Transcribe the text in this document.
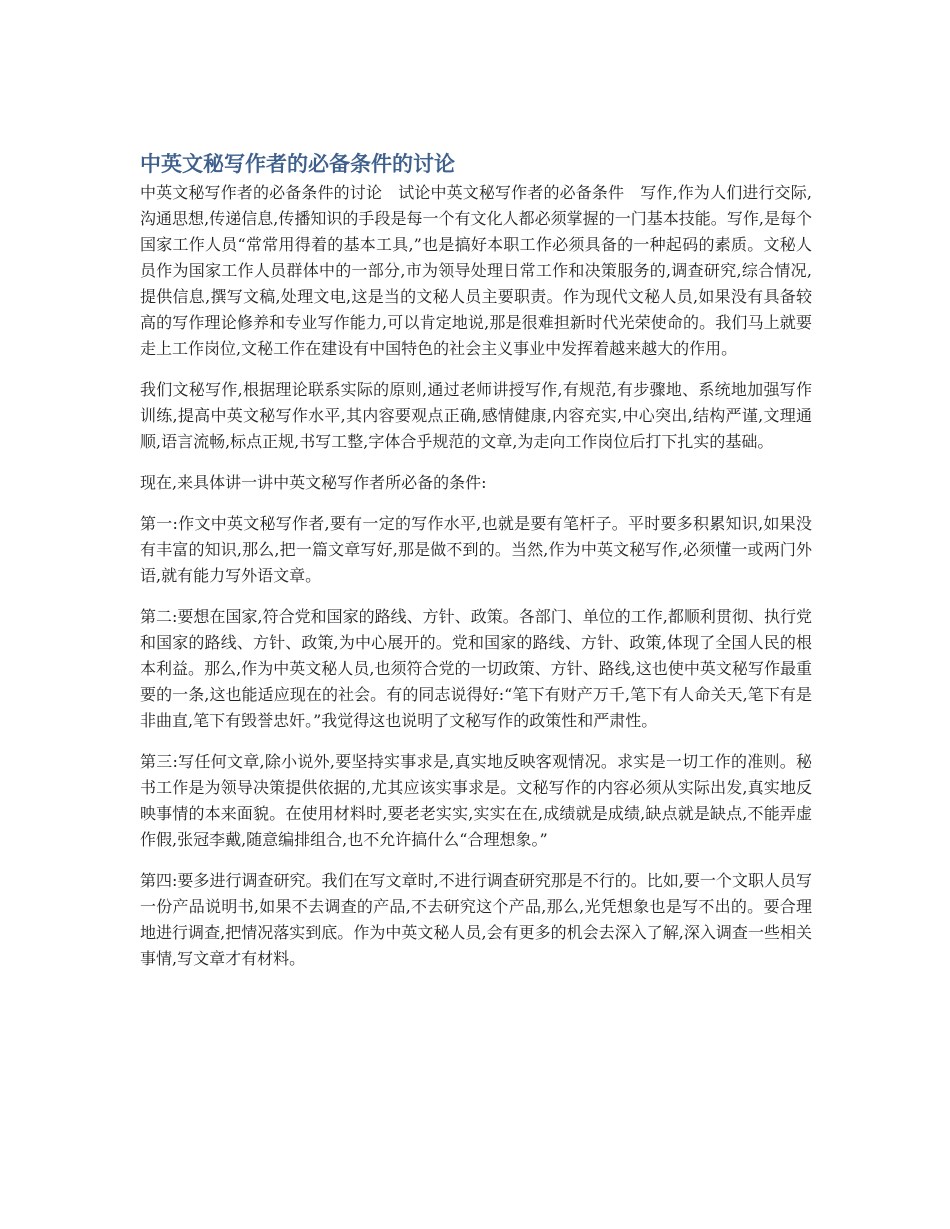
中英文秘写作者的必备条件的讨论

中英文秘写作者的必备条件的讨论　试论中英文秘写作者的必备条件　写作,作为人们进行交际,沟通思想,传递信息,传播知识的手段是每一个有文化人都必须掌握的一门基本技能。写作,是每个国家工作人员“常常用得着的基本工具,”也是搞好本职工作必须具备的一种起码的素质。文秘人员作为国家工作人员群体中的一部分,市为领导处理日常工作和决策服务的,调查研究,综合情况,提供信息,撰写文稿,处理文电,这是当的文秘人员主要职责。作为现代文秘人员,如果没有具备较高的写作理论修养和专业写作能力,可以肯定地说,那是很难担新时代光荣使命的。我们马上就要走上工作岗位,文秘工作在建设有中国特色的社会主义事业中发挥着越来越大的作用。

我们文秘写作,根据理论联系实际的原则,通过老师讲授写作,有规范,有步骤地、系统地加强写作训练,提高中英文秘写作水平,其内容要观点正确,感情健康,内容充实,中心突出,结构严谨,文理通顺,语言流畅,标点正规,书写工整,字体合乎规范的文章,为走向工作岗位后打下扎实的基础。

现在,来具体讲一讲中英文秘写作者所必备的条件:

第一:作文中英文秘写作者,要有一定的写作水平,也就是要有笔杆子。平时要多积累知识,如果没有丰富的知识,那么,把一篇文章写好,那是做不到的。当然,作为中英文秘写作,必须懂一或两门外语,就有能力写外语文章。

第二:要想在国家,符合党和国家的路线、方针、政策。各部门、单位的工作,都顺利贯彻、执行党和国家的路线、方针、政策,为中心展开的。党和国家的路线、方针、政策,体现了全国人民的根本利益。那么,作为中英文秘人员,也须符合党的一切政策、方针、路线,这也使中英文秘写作最重要的一条,这也能适应现在的社会。有的同志说得好:“笔下有财产万千,笔下有人命关天,笔下有是非曲直,笔下有毁誉忠奸。”我觉得这也说明了文秘写作的政策性和严肃性。

第三:写任何文章,除小说外,要坚持实事求是,真实地反映客观情况。求实是一切工作的准则。秘书工作是为领导决策提供依据的,尤其应该实事求是。文秘写作的内容必须从实际出发,真实地反映事情的本来面貌。在使用材料时,要老老实实,实实在在,成绩就是成绩,缺点就是缺点,不能弄虚作假,张冠李戴,随意编排组合,也不允许搞什么“合理想象。”

第四:要多进行调查研究。我们在写文章时,不进行调查研究那是不行的。比如,要一个文职人员写一份产品说明书,如果不去调查的产品,不去研究这个产品,那么,光凭想象也是写不出的。要合理地进行调查,把情况落实到底。作为中英文秘人员,会有更多的机会去深入了解,深入调查一些相关事情,写文章才有材料。
